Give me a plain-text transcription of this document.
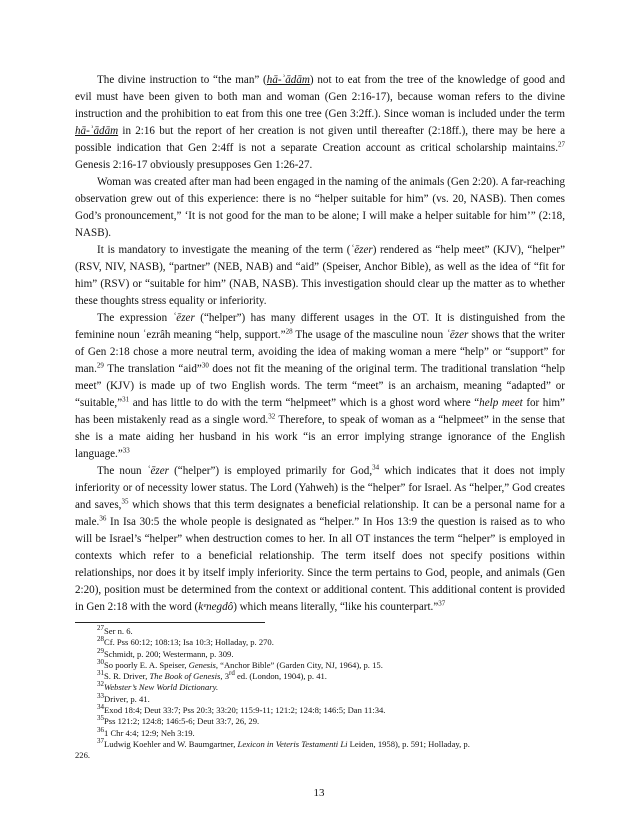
The divine instruction to “the man” (hā-ʾādām) not to eat from the tree of the knowledge of good and evil must have been given to both man and woman (Gen 2:16-17), because woman refers to the divine instruction and the prohibition to eat from this one tree (Gen 3:2ff.). Since woman is included under the term hā-ʾādām in 2:16 but the report of her creation is not given until thereafter (2:18ff.), there may be here a possible indication that Gen 2:4ff is not a separate Creation account as critical scholarship maintains.$^{27}$ Genesis 2:16-17 obviously presupposes Gen 1:26-27.

Woman was created after man had been engaged in the naming of the animals (Gen 2:20). A far-reaching observation grew out of this experience: there is no “helper suitable for him” (vs. 20, NASB). Then comes God’s pronouncement,” ‘It is not good for the man to be alone; I will make a helper suitable for him’” (2:18, NASB).

It is mandatory to investigate the meaning of the term (ʿēzer) rendered as “help meet” (KJV), “helper” (RSV, NIV, NASB), “partner” (NEB, NAB) and “aid” (Speiser, Anchor Bible), as well as the idea of “fit for him” (RSV) or “suitable for him” (NAB, NASB). This investigation should clear up the matter as to whether these thoughts stress equality or inferiority.

The expression ʿēzer (“helper”) has many different usages in the OT. It is distinguished from the feminine noun ʿezrâh meaning “help, support.”$^{28}$ The usage of the masculine noun ʿēzer shows that the writer of Gen 2:18 chose a more neutral term, avoiding the idea of making woman a mere “help” or “support” for man.$^{29}$ The translation “aid”$^{30}$ does not fit the meaning of the original term. The traditional translation “help meet” (KJV) is made up of two English words. The term “meet” is an archaism, meaning “adapted” or “suitable,”$^{31}$ and has little to do with the term “helpmeet” which is a ghost word where “help meet for him” has been mistakenly read as a single word.$^{32}$ Therefore, to speak of woman as a “helpmeet” in the sense that she is a mate aiding her husband in his work “is an error implying strange ignorance of the English language.”$^{33}$

The noun ʿēzer (“helper”) is employed primarily for God,$^{34}$ which indicates that it does not imply inferiority or of necessity lower status. The Lord (Yahweh) is the “helper” for Israel. As “helper,” God creates and saves,$^{35}$ which shows that this term designates a beneficial relationship. It can be a personal name for a male.$^{36}$ In Isa 30:5 the whole people is designated as “helper.” In Hos 13:9 the question is raised as to who will be Israel’s “helper” when destruction comes to her. In all OT instances the term “helper” is employed in contexts which refer to a beneficial relationship. The term itself does not specify positions within relationships, nor does it by itself imply inferiority. Since the term pertains to God, people, and animals (Gen 2:20), position must be determined from the context or additional content. This additional content is provided in Gen 2:18 with the word (kᵉnegdô) which means literally, “like his counterpart.”$^{37}$

$^{27}$Ser n. 6.
$^{28}$Cf. Pss 60:12; 108:13; Isa 10:3; Holladay, p. 270.
$^{29}$Schmidt, p. 200; Westermann, p. 309.
$^{30}$So poorly E. A. Speiser, Genesis, “Anchor Bible” (Garden City, NJ, 1964), p. 15.
$^{31}$S. R. Driver, The Book of Genesis, 3rd ed. (London, 1904), p. 41.
$^{32}$Webster’s New World Dictionary.
$^{33}$Driver, p. 41.
$^{34}$Exod 18:4; Deut 33:7; Pss 20:3; 33:20; 115:9-11; 121:2; 124:8; 146:5; Dan 11:34.
$^{35}$Pss 121:2; 124:8; 146:5-6; Deut 33:7, 26, 29.
$^{36}$1 Chr 4:4; 12:9; Neh 3:19.
$^{37}$Ludwig Koehler and W. Baumgartner, Lexicon in Veteris Testamenti Li Leiden, 1958), p. 591; Holladay, p.
226.
13
